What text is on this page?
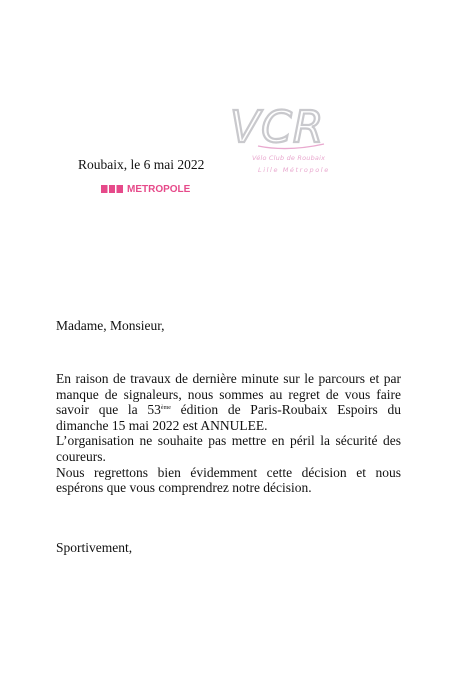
VCR
Vélo Club de Roubaix
Lille Métropole
Roubaix, le 6 mai 2022
MÉTROPOLE
Madame, Monsieur,

En raison de travaux de dernière minute sur le parcours et par manque de signaleurs, nous sommes au regret de vous faire savoir que la 53ème édition de Paris-Roubaix Espoirs du dimanche 15 mai 2022 est ANNULEE.

L’organisation ne souhaite pas mettre en péril la sécurité des coureurs.

Nous regrettons bien évidemment cette décision et nous espérons que vous comprendrez notre décision.

Sportivement,
